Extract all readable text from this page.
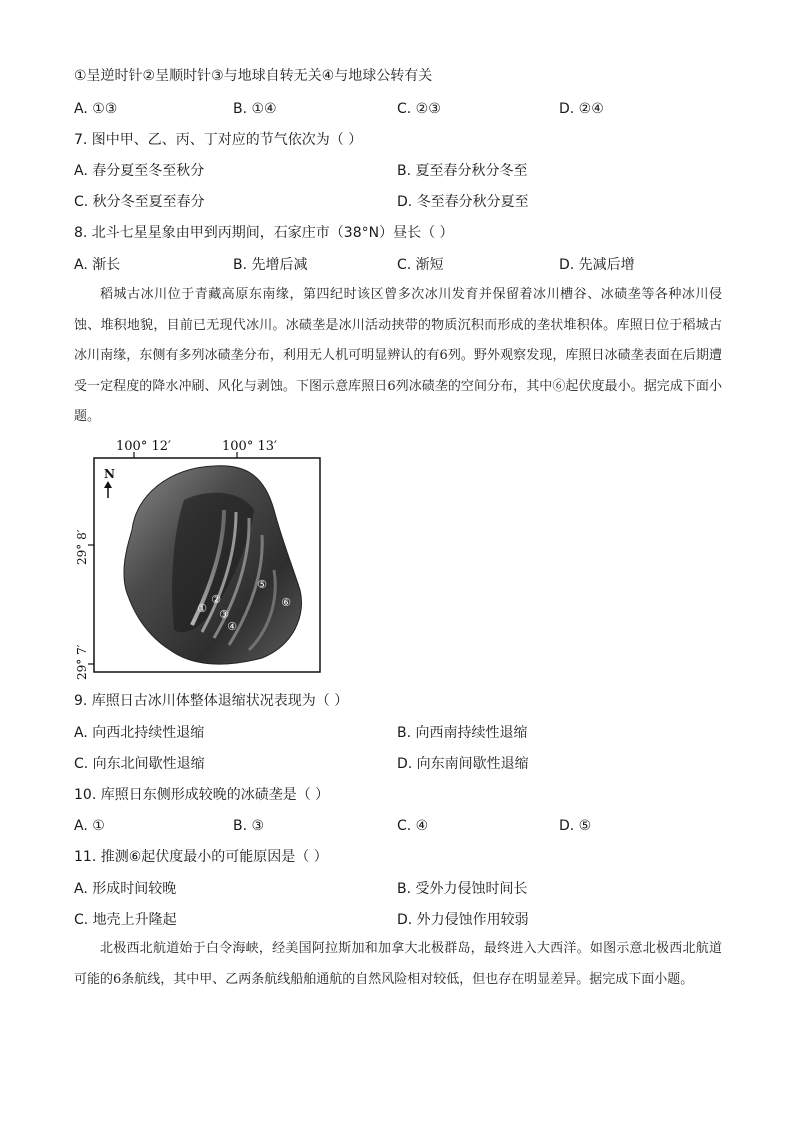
①呈逆时针②呈顺时针③与地球自转无关④与地球公转有关
A. ①③	B. ①④	C. ②③	D. ②④
7. 图中甲、乙、丙、丁对应的节气依次为（ ）
A. 春分夏至冬至秋分	B. 夏至春分秋分冬至
C. 秋分冬至夏至春分	D. 冬至春分秋分夏至
8. 北斗七星星象由甲到丙期间，石家庄市（38°N）昼长（ ）
A. 渐长	B. 先增后减	C. 渐短	D. 先减后增

稻城古冰川位于青藏高原东南缘，第四纪时该区曾多次冰川发育并保留着冰川槽谷、冰碛垄等各种冰川侵蚀、堆积地貌，目前已无现代冰川。冰碛垄是冰川活动挟带的物质沉积而形成的垄状堆积体。库照日位于稻城古冰川南缘，东侧有多列冰碛垄分布，利用无人机可明显辨认的有6列。野外观察发现，库照日冰碛垄表面在后期遭受一定程度的降水冲刷、风化与剥蚀。下图示意库照日6列冰碛垄的空间分布，其中⑥起伏度最小。据完成下面小题。

①
②
③
④
⑤
⑥
N
100° 12′	100° 13′
29° 8′
29° 7′
9. 库照日古冰川体整体退缩状况表现为（ ）
A. 向西北持续性退缩	B. 向西南持续性退缩
C. 向东北间歇性退缩	D. 向东南间歇性退缩
10. 库照日东侧形成较晚的冰碛垄是（ ）
A. ①	B. ③	C. ④	D. ⑤
11. 推测⑥起伏度最小的可能原因是（ ）
A. 形成时间较晚	B. 受外力侵蚀时间长
C. 地壳上升隆起	D. 外力侵蚀作用较弱

北极西北航道始于白令海峡，经美国阿拉斯加和加拿大北极群岛，最终进入大西洋。如图示意北极西北航道可能的6条航线，其中甲、乙两条航线船舶通航的自然风险相对较低，但也存在明显差异。据完成下面小题。
